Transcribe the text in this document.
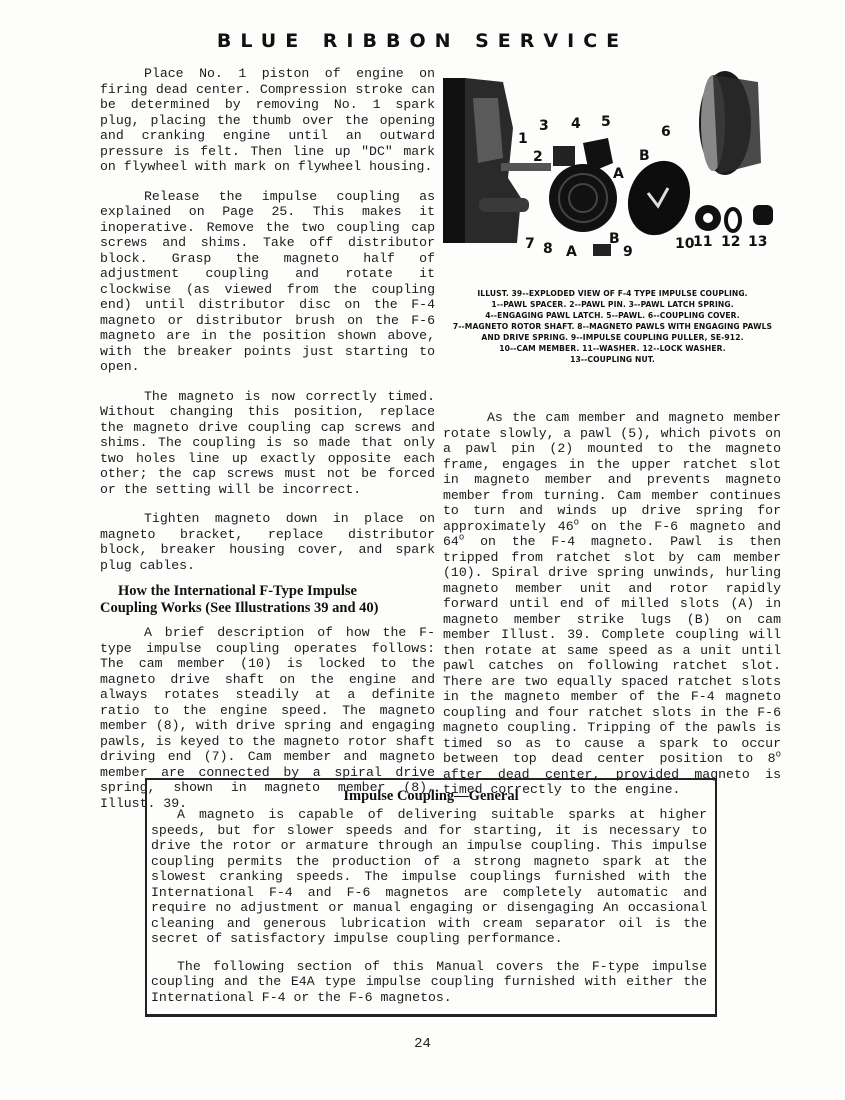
BLUE RIBBON SERVICE

Place No. 1 piston of engine on firing dead center. Compression stroke can be determined by removing No. 1 spark plug, placing the thumb over the opening and cranking engine until an outward pressure is felt. Then line up "DC" mark on flywheel with mark on flywheel housing.

Release the impulse coupling as explained on Page 25. This makes it inoperative. Remove the two coupling cap screws and shims. Take off distributor block. Grasp the magneto half of adjustment coupling and rotate it clockwise (as viewed from the coupling end) until distributor disc on the F-4 magneto or distributor brush on the F-6 magneto are in the position shown above, with the breaker points just starting to open.

The magneto is now correctly timed. Without changing this position, replace the magneto drive coupling cap screws and shims. The coupling is so made that only two holes line up exactly opposite each other; the cap screws must not be forced or the setting will be incorrect.

Tighten magneto down in place on magneto bracket, replace distributor block, breaker housing cover, and spark plug cables.

How the International F-Type Impulse
Coupling Works (See Illustrations 39 and 40)

A brief description of how the F-type impulse coupling operates follows: The cam member (10) is locked to the magneto drive shaft on the engine and always rotates steadily at a definite ratio to the engine speed. The magneto member (8), with drive spring and engaging pawls, is keyed to the magneto rotor shaft driving end (7). Cam member and magneto member are connected by a spiral drive spring, shown in magneto member (8), Illust. 39.

1
2
3 4 5
6
7 8	9	10
11 12 13
A
A
B
B
ILLUST. 39--EXPLODED VIEW OF F-4 TYPE IMPULSE COUPLING.
1--PAWL SPACER. 2--PAWL PIN. 3--PAWL LATCH SPRING.
4--ENGAGING PAWL LATCH. 5--PAWL. 6--COUPLING COVER.
7--MAGNETO ROTOR SHAFT. 8--MAGNETO PAWLS WITH ENGAGING PAWLS
AND DRIVE SPRING. 9--IMPULSE COUPLING PULLER, SE-912.
10--CAM MEMBER. 11--WASHER. 12--LOCK WASHER.
13--COUPLING NUT.

As the cam member and magneto member rotate slowly, a pawl (5), which pivots on a pawl pin (2) mounted to the magneto frame, engages in the upper ratchet slot in magneto member and prevents magneto member from turning. Cam member continues to turn and winds up drive spring for approximately 46$^o$ on the F-6 magneto and 64$^o$ on the F-4 magneto. Pawl is then tripped from ratchet slot by cam member (10). Spiral drive spring unwinds, hurling magneto member unit and rotor rapidly forward until end of milled slots (A) in magneto member strike lugs (B) on cam member Illust. 39. Complete coupling will then rotate at same speed as a unit until pawl catches on following ratchet slot. There are two equally spaced ratchet slots in the magneto member of the F-4 magneto coupling and four ratchet slots in the F-6 magneto coupling. Tripping of the pawls is timed so as to cause a spark to occur between top dead center position to 8$^o$ after dead center, provided magneto is timed correctly to the engine.

Impulse Coupling—General

A magneto is capable of delivering suitable sparks at higher speeds, but for slower speeds and for starting, it is necessary to drive the rotor or armature through an impulse coupling. This impulse coupling permits the production of a strong magneto spark at the slowest cranking speeds. The impulse couplings furnished with the International F-4 and F-6 magnetos are completely automatic and require no adjustment or manual engaging or disengaging An occasional cleaning and generous lubrication with cream separator oil is the secret of satisfactory impulse coupling performance.

The following section of this Manual covers the F-type impulse coupling and the E4A type impulse coupling furnished with either the International F-4 or the F-6 magnetos.

24
